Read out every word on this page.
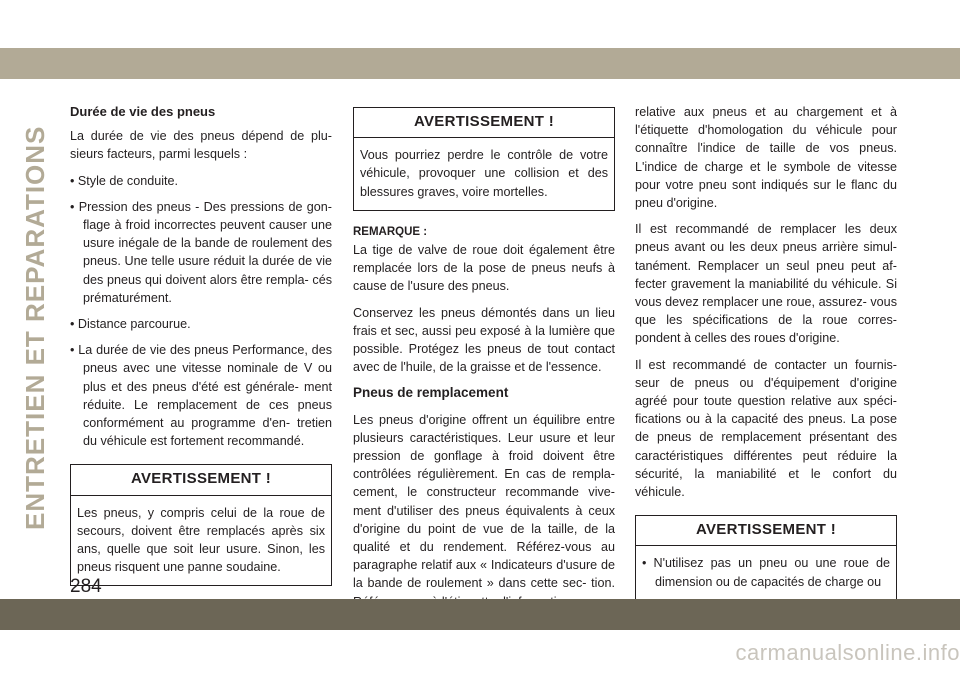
ENTRETIEN ET REPARATIONS
Durée de vie des pneus

La durée de vie des pneus dépend de plu- sieurs facteurs, parmi lesquels :

• Style de conduite.
• Pression des pneus - Des pressions de gon- flage à froid incorrectes peuvent causer une usure inégale de la bande de roulement des pneus. Une telle usure réduit la durée de vie des pneus qui doivent alors être rempla- cés prématurément.
• Distance parcourue.
• La durée de vie des pneus Performance, des pneus avec une vitesse nominale de V ou plus et des pneus d'été est générale- ment réduite. Le remplacement de ces pneus conformément au programme d'en- tretien du véhicule est fortement recommandé.
AVERTISSEMENT !
Les pneus, y compris celui de la roue de secours, doivent être remplacés après six ans, quelle que soit leur usure. Sinon, les pneus risquent une panne soudaine.
AVERTISSEMENT !
Vous pourriez perdre le contrôle de votre véhicule, provoquer une collision et des blessures graves, voire mortelles.
REMARQUE :

La tige de valve de roue doit également être remplacée lors de la pose de pneus neufs à cause de l'usure des pneus.

Conservez les pneus démontés dans un lieu frais et sec, aussi peu exposé à la lumière que possible. Protégez les pneus de tout contact avec de l'huile, de la graisse et de l'essence.

Pneus de remplacement

Les pneus d'origine offrent un équilibre entre plusieurs caractéristiques. Leur usure et leur pression de gonflage à froid doivent être contrôlées régulièrement. En cas de rempla- cement, le constructeur recommande vive- ment d'utiliser des pneus équivalents à ceux d'origine du point de vue de la taille, de la qualité et du rendement. Référez-vous au paragraphe relatif aux « Indicateurs d'usure de la bande de roulement » dans cette sec- tion.

relative aux pneus et au chargement et à l'étiquette d'homologation du véhicule pour connaître l'indice de taille de vos pneus. L'indice de charge et le symbole de vitesse pour votre pneu sont indiqués sur le flanc du pneu d'origine.

Il est recommandé de remplacer les deux pneus avant ou les deux pneus arrière simul- tanément. Remplacer un seul pneu peut af- fecter gravement la maniabilité du véhicule. Si vous devez remplacer une roue, assurez- vous que les spécifications de la roue corres- pondent à celles des roues d'origine.

Il est recommandé de contacter un fournis- seur de pneus ou d'équipement d'origine agréé pour toute question relative aux spéci- fications ou à la capacité des pneus. La pose de pneus de remplacement présentant des caractéristiques différentes peut réduire la sécurité, la maniabilité et le confort du véhicule.

AVERTISSEMENT !
• N'utilisez pas un pneu ou une roue de dimension ou de capacités de charge ou
284
carmanualsonline.info
